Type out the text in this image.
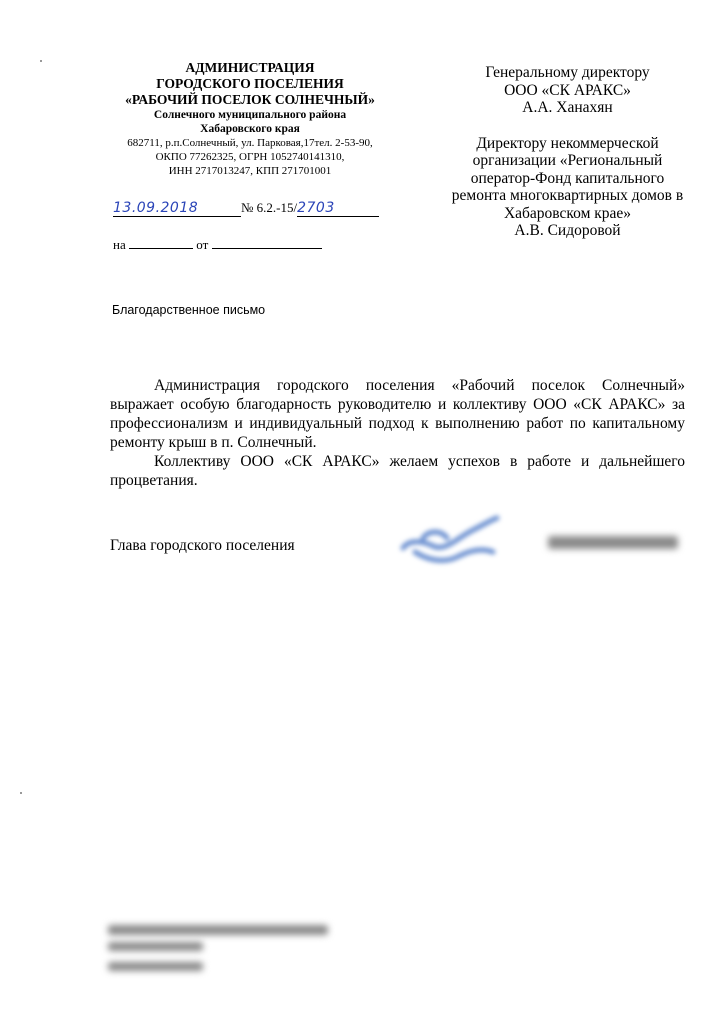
АДМИНИСТРАЦИЯ
ГОРОДСКОГО ПОСЕЛЕНИЯ
«РАБОЧИЙ ПОСЕЛОК СОЛНЕЧНЫЙ»
Солнечного муниципального района
Хабаровского края
682711, р.п.Солнечный, ул. Парковая,17тел. 2-53-90,
ОКПО 77262325, ОГРН 1052740141310,
ИНН 2717013247, КПП 271701001
13.09.2018	№ 6.2.-15/2703
на	от
Генеральному директору
ООО «СК АРАКС»
А.А. Ханахян
Директору некоммерческой
организации «Региональный
оператор-Фонд капитального
ремонта многоквартирных домов в
Хабаровском крае»
А.В. Сидоровой
Благодарственное письмо

Администрация городского поселения «Рабочий поселок Солнечный» выражает особую благодарность руководителю и коллективу ООО «СК АРАКС» за профессионализм и индивидуальный подход к выполнению работ по капитальному ремонту крыш в п. Солнечный.

Коллективу ООО «СК АРАКС» желаем успехов в работе и дальнейшего процветания.

Глава городского поселения
